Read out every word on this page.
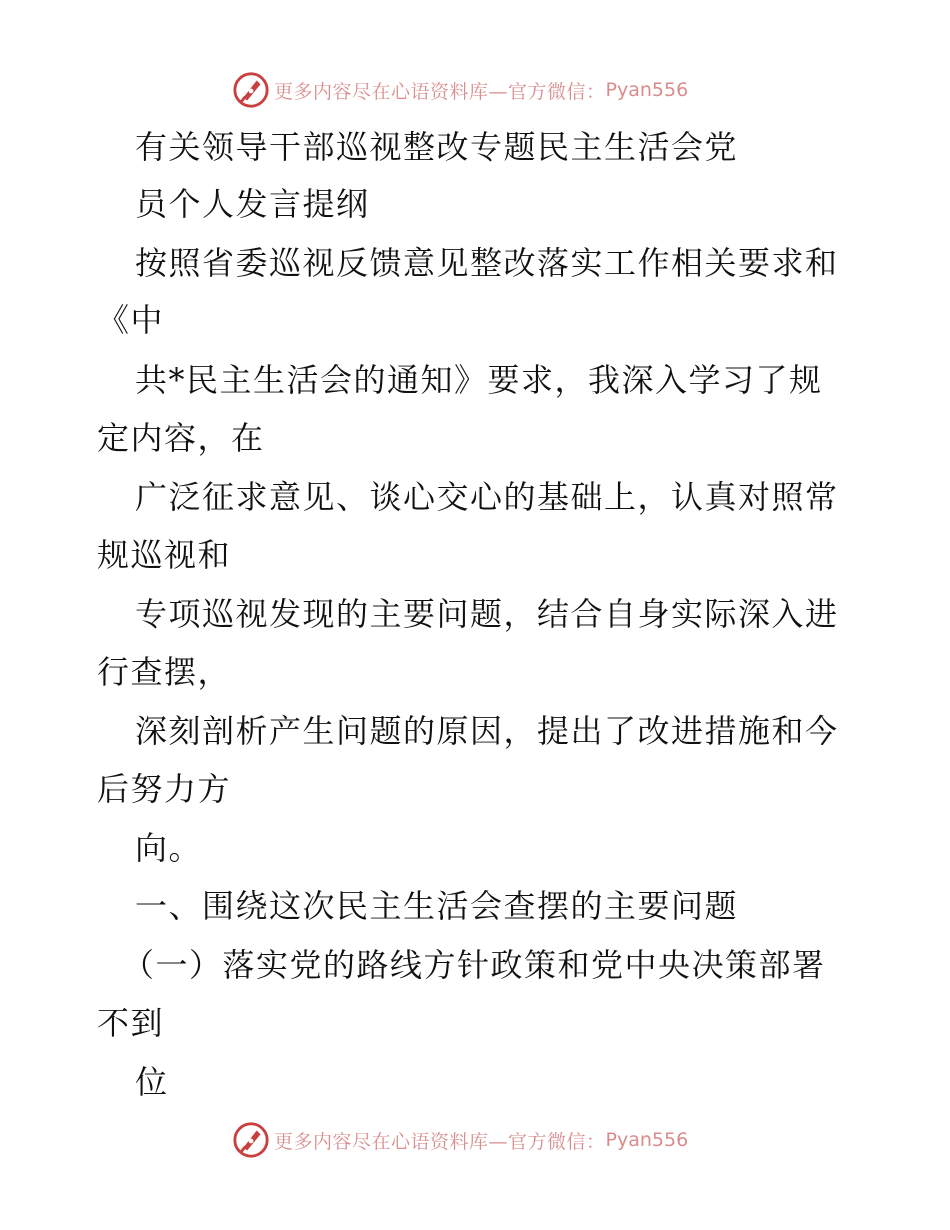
更多内容尽在心语资料库—官方微信： Pyan556
有关领导干部巡视整改专题民主生活会党
员个人发言提纲
按照省委巡视反馈意见整改落实工作相关要求和
《中
共*民主生活会的通知》要求，我深入学习了规
定内容，在
广泛征求意见、谈心交心的基础上，认真对照常
规巡视和
专项巡视发现的主要问题，结合自身实际深入进
行查摆，
深刻剖析产生问题的原因，提出了改进措施和今
后努力方
向。
一、围绕这次民主生活会查摆的主要问题
（一）落实党的路线方针政策和党中央决策部署
不到
位
更多内容尽在心语资料库—官方微信： Pyan556
